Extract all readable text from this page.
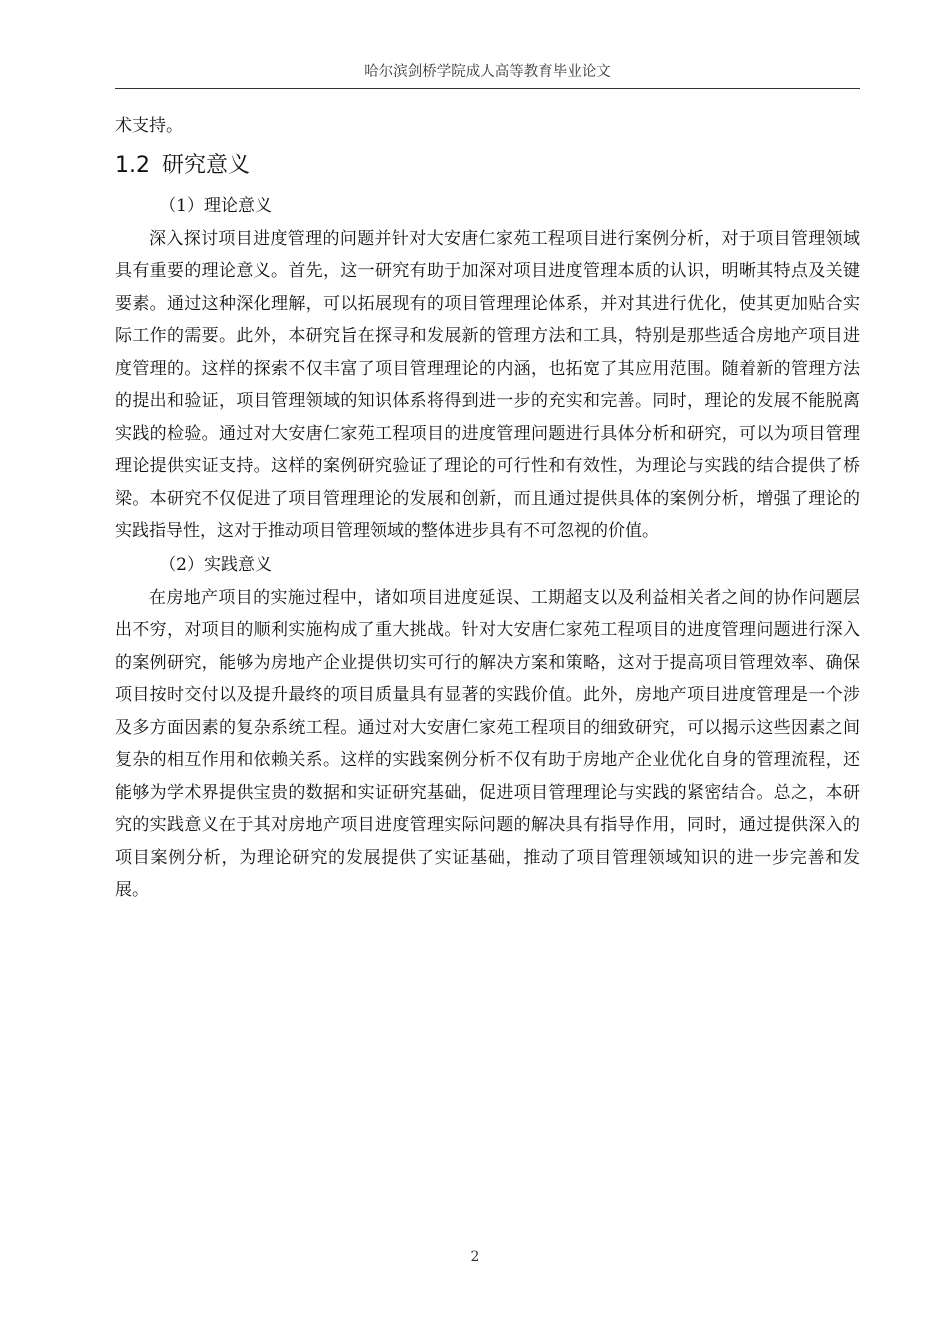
哈尔滨剑桥学院成人高等教育毕业论文

术支持。

1.2 研究意义

（1）理论意义

深入探讨项目进度管理的问题并针对大安唐仁家苑工程项目进行案例分析，对于项目管理领域具有重要的理论意义。首先，这一研究有助于加深对项目进度管理本质的认识，明晰其特点及关键要素。通过这种深化理解，可以拓展现有的项目管理理论体系，并对其进行优化，使其更加贴合实际工作的需要。此外，本研究旨在探寻和发展新的管理方法和工具，特别是那些适合房地产项目进度管理的。这样的探索不仅丰富了项目管理理论的内涵，也拓宽了其应用范围。随着新的管理方法的提出和验证，项目管理领域的知识体系将得到进一步的充实和完善。同时，理论的发展不能脱离实践的检验。通过对大安唐仁家苑工程项目的进度管理问题进行具体分析和研究，可以为项目管理理论提供实证支持。这样的案例研究验证了理论的可行性和有效性，为理论与实践的结合提供了桥梁。本研究不仅促进了项目管理理论的发展和创新，而且通过提供具体的案例分析，增强了理论的实践指导性，这对于推动项目管理领域的整体进步具有不可忽视的价值。

（2）实践意义

在房地产项目的实施过程中，诸如项目进度延误、工期超支以及利益相关者之间的协作问题层出不穷，对项目的顺利实施构成了重大挑战。针对大安唐仁家苑工程项目的进度管理问题进行深入的案例研究，能够为房地产企业提供切实可行的解决方案和策略，这对于提高项目管理效率、确保项目按时交付以及提升最终的项目质量具有显著的实践价值。此外，房地产项目进度管理是一个涉及多方面因素的复杂系统工程。通过对大安唐仁家苑工程项目的细致研究，可以揭示这些因素之间复杂的相互作用和依赖关系。这样的实践案例分析不仅有助于房地产企业优化自身的管理流程，还能够为学术界提供宝贵的数据和实证研究基础，促进项目管理理论与实践的紧密结合。总之，本研究的实践意义在于其对房地产项目进度管理实际问题的解决具有指导作用，同时，通过提供深入的项目案例分析，为理论研究的发展提供了实证基础，推动了项目管理领域知识的进一步完善和发展。

2
